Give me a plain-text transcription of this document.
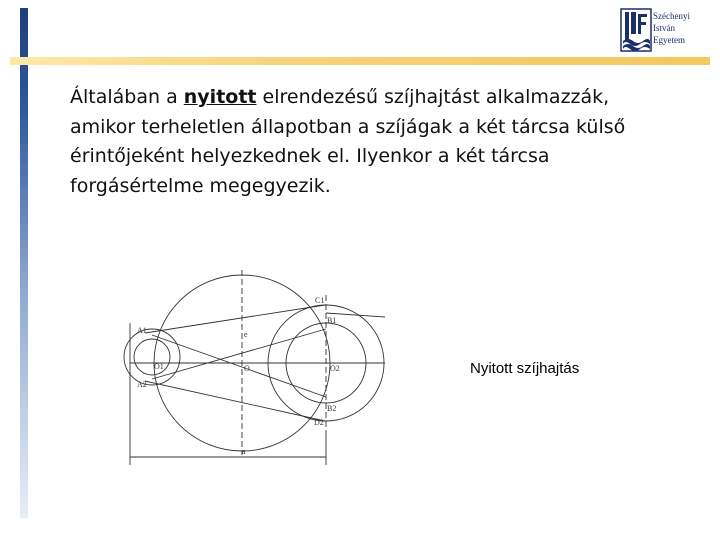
Széchenyi
István
Egyetem
Általában a nyitott elrendezésű szíjhajtást alkalmazzák,
amikor terheletlen állapotban a szíjágak a két tárcsa külső
érintőjeként helyezkednek el. Ilyenkor a két tárcsa
forgásértelme megegyezik.
C1
B1
B2
A1
A2
O1	O2
O
D2
a
e
Nyitott szíjhajtás
